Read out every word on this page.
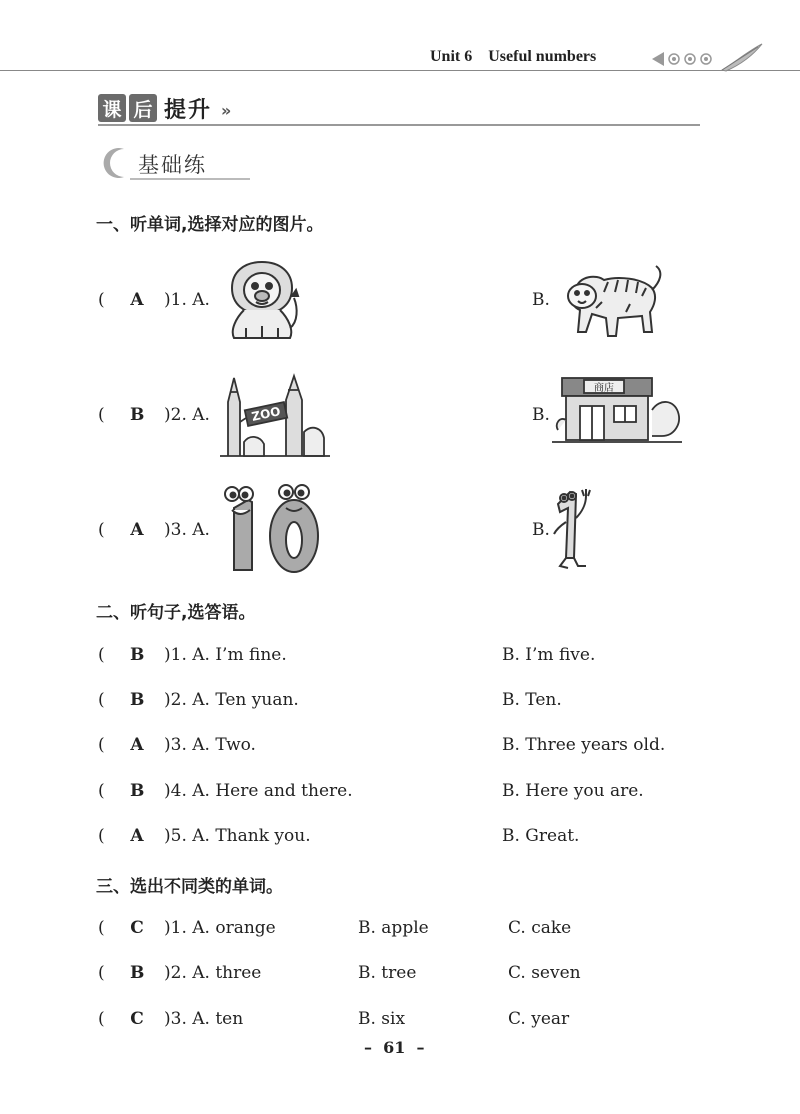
Unit 6 Useful numbers
课 后 提升 »
基础练
一、听单词,选择对应的图片。
( A )1. A.	B.
( B )2. A.	B.
ZOO
商店
( A )3. A.	B.
二、听句子,选答语。
( B )1. A. I’m fine.	B. I’m five.
( B )2. A. Ten yuan.	B. Ten.
( A )3. A. Two.	B. Three years old.
( B )4. A. Here and there.	B. Here you are.
( A )5. A. Thank you.	B. Great.
三、选出不同类的单词。
( C )1. A. orange	B. apple	C. cake
( B )2. A. three	B. tree	C. seven
( C )3. A. ten	B. six	C. year
–  61  –
